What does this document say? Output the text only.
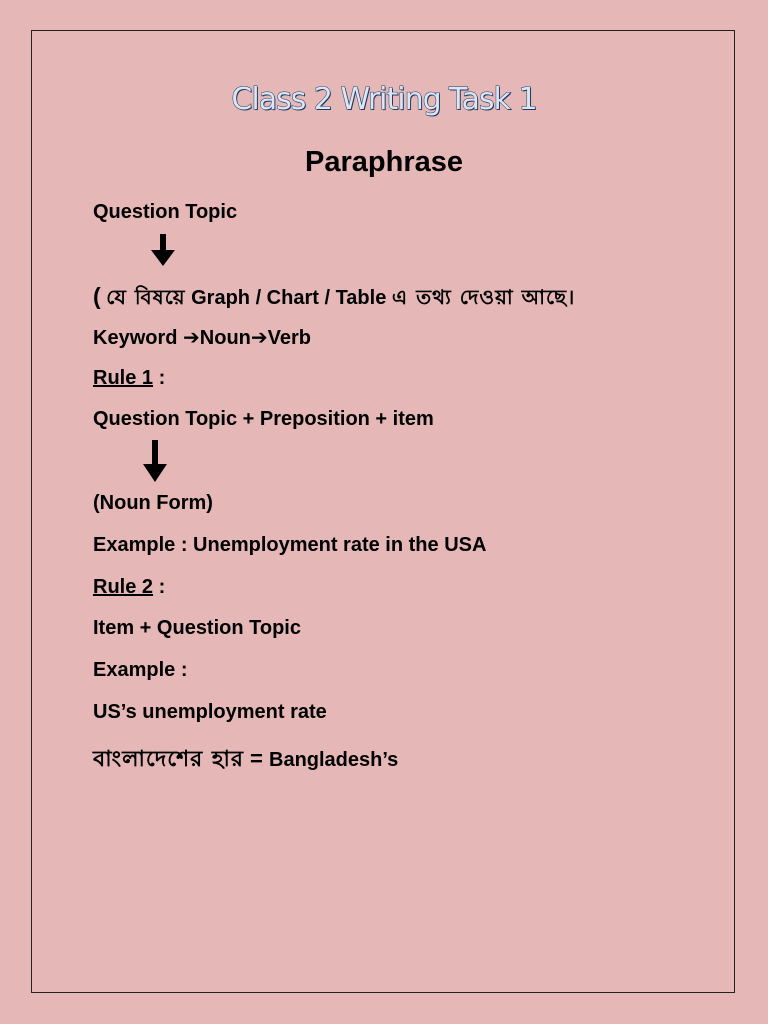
Class 2 Writing Task 1
Paraphrase
Question Topic
( যে বিষয়ে Graph / Chart / Table এ তথ্য দেওয়া আছে।
Keyword ➔Noun➔Verb
Rule 1 :
Question Topic + Preposition + item
(Noun Form)
Example : Unemployment rate in the USA
Rule 2 :
Item + Question Topic
Example :
US’s unemployment rate
বাংলাদেশের হার = Bangladesh’s
